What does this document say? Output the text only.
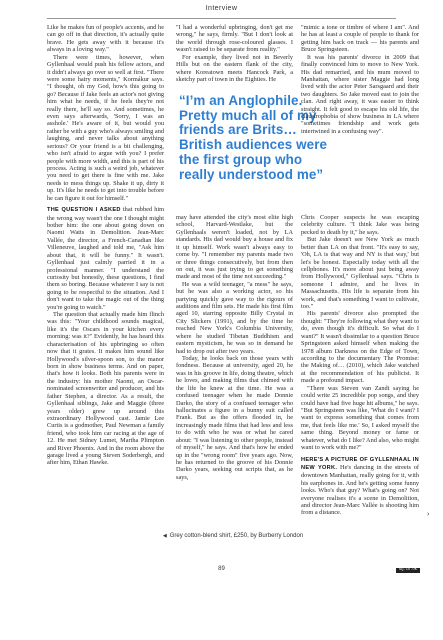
Interview

Like he makes fun of people's accents, and he can go off in that direction, it's actually quite brave. He gets away with it because it's always in a loving way."

There were times, however, when Gyllenhaal would push his fellow actors, and it didn't always go over so well at first. "There were some hairy moments," Kormákur says. "I thought, oh my God, how's this going to go? Because if Jake feels an actor's not giving him what he needs, if he feels they're not really there, he'll say so. And sometimes, he even says afterwards, 'Sorry, I was an asshole.' He's aware of it, but would you rather be with a guy who's always smiling and laughing, and never talks about anything serious? Or your friend is a bit challenging, who isn't afraid to argue with you? I prefer people with more width, and this is part of his process. Acting is such a weird job, whatever you need to get there is fine with me. Jake needs to mess things up. Shake it up, dirty it up. It's like he needs to get into trouble before he can figure it out for himself."

THE QUESTION I ASKED that rubbed him the wrong way wasn't the one I thought might bother him: the one about going down on Naomi Watts in Demolition. Jean-Marc Vallée, the director, a French-Canadian like Villeneuve, laughed and told me, "Ask him about that, it will be funny." It wasn't. Gyllenhaal just calmly parried it in a professional manner. "I understand the curiosity but honestly, these questions, I find them so boring. Because whatever I say is not going to be respectful to the situation. And I don't want to take the magic out of the thing you're going to watch."

The question that actually made him flinch was this: "Your childhood sounds magical, like it's the Oscars in your kitchen every morning: was it?" Evidently, he has heard this characterisation of his upbringing so often now that it grates. It makes him sound like Hollywood's silver-spoon son, to the manor born in show business terms. And on paper, that's how it looks. Both his parents were in the industry: his mother Naomi, an Oscar-nominated screenwriter and producer, and his father Stephen, a director. As a result, the Gyllenhaal siblings, Jake and Maggie (three years older) grew up around this extraordinary Hollywood cast. Jamie Lee Curtis is a godmother, Paul Newman a family friend, who took him car racing at the age of 12. He met Sidney Lumet, Martha Plimpton and River Phoenix. And in the room above the garage lived a young Steven Soderbergh, and after him, Ethan Hawke.

"I had a wonderful upbringing, don't get me wrong," he says, firmly. "But I don't look at the world through rose-coloured glasses. I wasn't raised to be separate from reality."

For example, they lived not in Beverly Hills but on the eastern flank of the city, where Koreatown meets Hancock Park, a sketchy part of town in the Eighties. He

“I’m an Anglophile.
Pretty much all of my
friends are Brits…
British audiences were
the first group who
really understood me”

may have attended the city's most elite high school, Harvard-Westlake, but the Gyllenhaals weren't loaded, not by LA standards. His dad would buy a house and fix it up himself. Work wasn't always easy to come by. "I remember my parents made two or three things consecutively, but from then on out, it was just trying to get something made and most of the time not succeeding."

He was a wild teenager, "a mess" he says, but he was also a working actor, so his partying quickly gave way to the rigours of auditions and film sets. He made his first film aged 10, starring opposite Billy Crystal in City Slickers (1991), and by the time he reached New York's Columbia University, where he studied Tibetan Buddhism and eastern mysticism, he was so in demand he had to drop out after two years.

Today, he looks back on those years with fondness. Because at university, aged 20, he was in his groove in life, doing theatre, which he loves, and making films that chimed with the life he knew at the time. He was a confused teenager when he made Donnie Darko, the story of a confused teenager who hallucinates a figure in a bunny suit called Frank. But as the offers flooded in, he increasingly made films that had less and less to do with who he was or what he cared about: "I was listening to other people, instead of myself," he says. And that's how he ended up in the "wrong room" five years ago. Now, he has returned to the groove of his Donnie Darko years, seeking out scripts that, as he says,

"mimic a tone or timbre of where I am". And he has at least a couple of people to thank for getting him back on track — his parents and Bruce Springsteen.

It was his parents' divorce in 2009 that finally convinced him to move to New York. His dad remarried, and his mum moved to Manhattan, where sister Maggie had long lived with the actor Peter Sarsgaard and their two daughters. So Jake moved east to join the clan. And right away, it was easier to think straight. It felt good to escape his old life, the claustrophobia of show business in LA where "sometimes friendship and work gets intertwined in a confusing way".

Chris Cooper suspects he was escaping celebrity culture. "I think Jake was being pecked to death by it," he says.

But Jake doesn't see New York as much better than LA on that front. "It's easy to say, 'Oh, LA is that way and NY is that way,' but let's be honest. Especially today with all the cellphones. It's more about just being away from Hollywood," Gyllenhaal says. "Chris is someone I admire, and he lives in Massachusetts. His life is separate from his work, and that's something I want to cultivate, too."

His parents' divorce also prompted the thought: "They're following what they want to do, even though it's difficult. So what do I want?" It wasn't dissimilar to a question Bruce Springsteen asked himself when making the 1978 album Darkness on the Edge of Town, according to the documentary The Promise: the Making of… (2010), which Jake watched at the recommendation of his publicist. It made a profound impact.

"There was Steven van Zandt saying he could write 25 incredible pop songs, and they could have had five huge hit albums," he says. "But Springsteen was like, 'What do I want? I want to express something that comes from me, that feels like me.' So, I asked myself the same thing. Beyond money or fame or whatever, what do I like? And also, who might want to work with me?"

HERE'S A PICTURE OF GYLLENHAAL IN NEW YORK. He's dancing in the streets of downtown Manhattan, really going for it, with his earphones in. And he's getting some funny looks. Who's that guy? What's going on? Not everyone realises it's a scene in Demolition, and director Jean-Marc Vallée is shooting him from a distance.	›
◀ Grey cotton-blend shirt, £250, by Burberry London
89	GQ.CO.UK
